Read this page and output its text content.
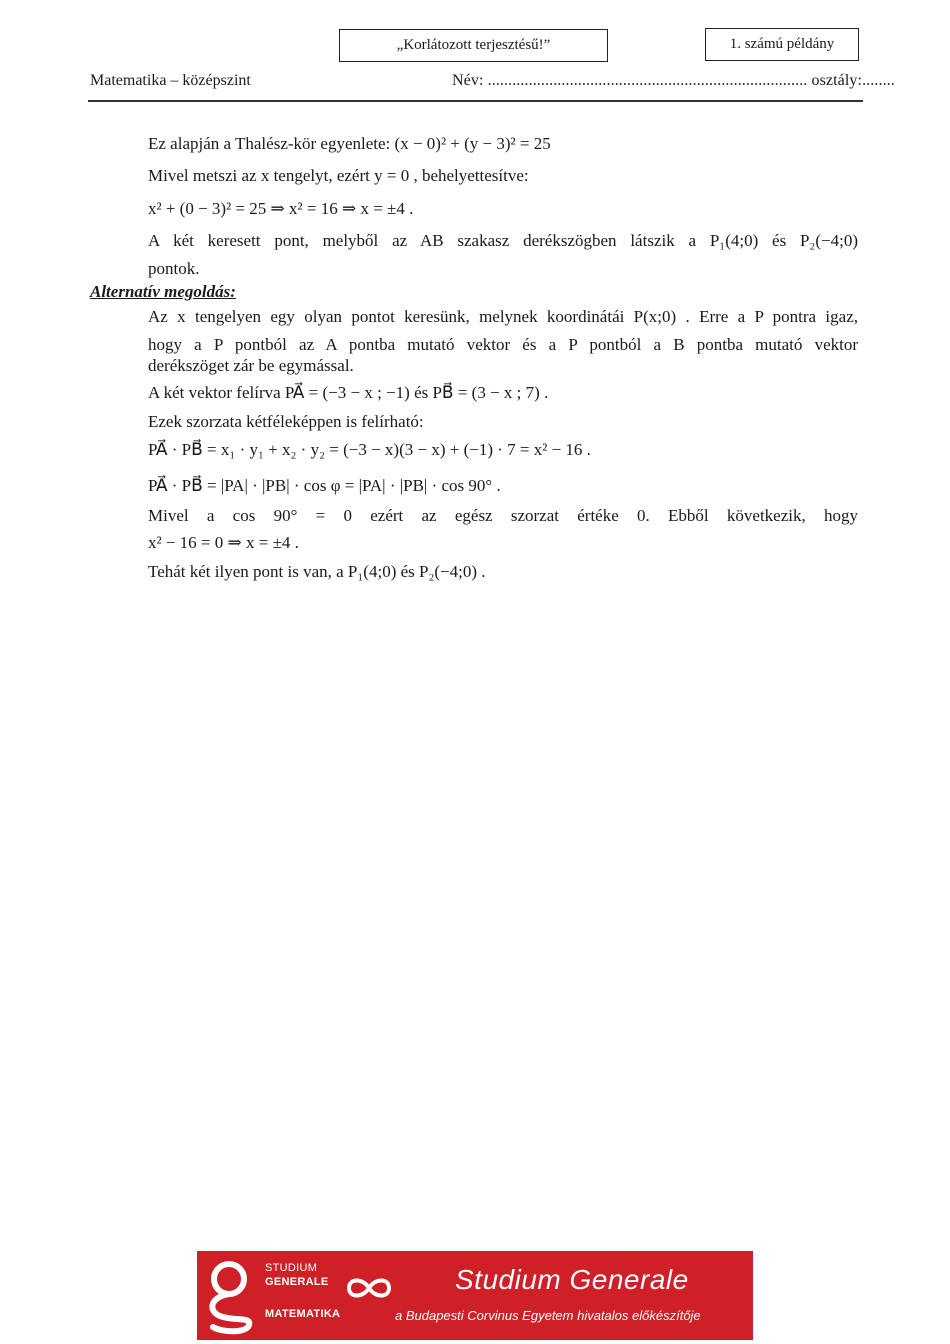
„Korlátozott terjesztésű!”	1. számú példány
Matematika – középszint	Név: .............................................................................. osztály:........
Ez alapján a Thalész-kör egyenlete: (x − 0)² + (y − 3)² = 25
Mivel metszi az x tengelyt, ezért y = 0 , behelyettesítve:
x² + (0 − 3)² = 25 ⇒ x² = 16 ⇒ x = ±4 .
A két keresett pont, melyből az AB szakasz derékszögben látszik a P₁(4;0) és P₂(−4;0)
pontok.
Az x tengelyen egy olyan pontot keresünk, melynek koordinátái P(x;0) . Erre a P pontra igaz,
hogy a P pontból az A pontba mutató vektor és a P pontból a B pontba mutató vektor
derékszöget zár be egymással.
A két vektor felírva PA⃗ = (−3 − x ; −1) és PB⃗ = (3 − x ; 7) .
Ezek szorzata kétféleképpen is felírható:
PA⃗ · PB⃗ = x₁ · y₁ + x₂ · y₂ = (−3 − x)(3 − x) + (−1) · 7 = x² − 16 .
PA⃗ · PB⃗ = |PA| · |PB| · cos φ = |PA| · |PB| · cos 90° .
Mivel a cos 90° = 0 ezért az egész szorzat értéke 0. Ebből következik, hogy
x² − 16 = 0 ⇒ x = ±4 .
Tehát két ilyen pont is van, a P₁(4;0) és P₂(−4;0) .
Alternatív megoldás:
STUDIUM
GENERALE
MATEMATIKA
Studium Generale
a Budapesti Corvinus Egyetem hivatalos előkészítője
